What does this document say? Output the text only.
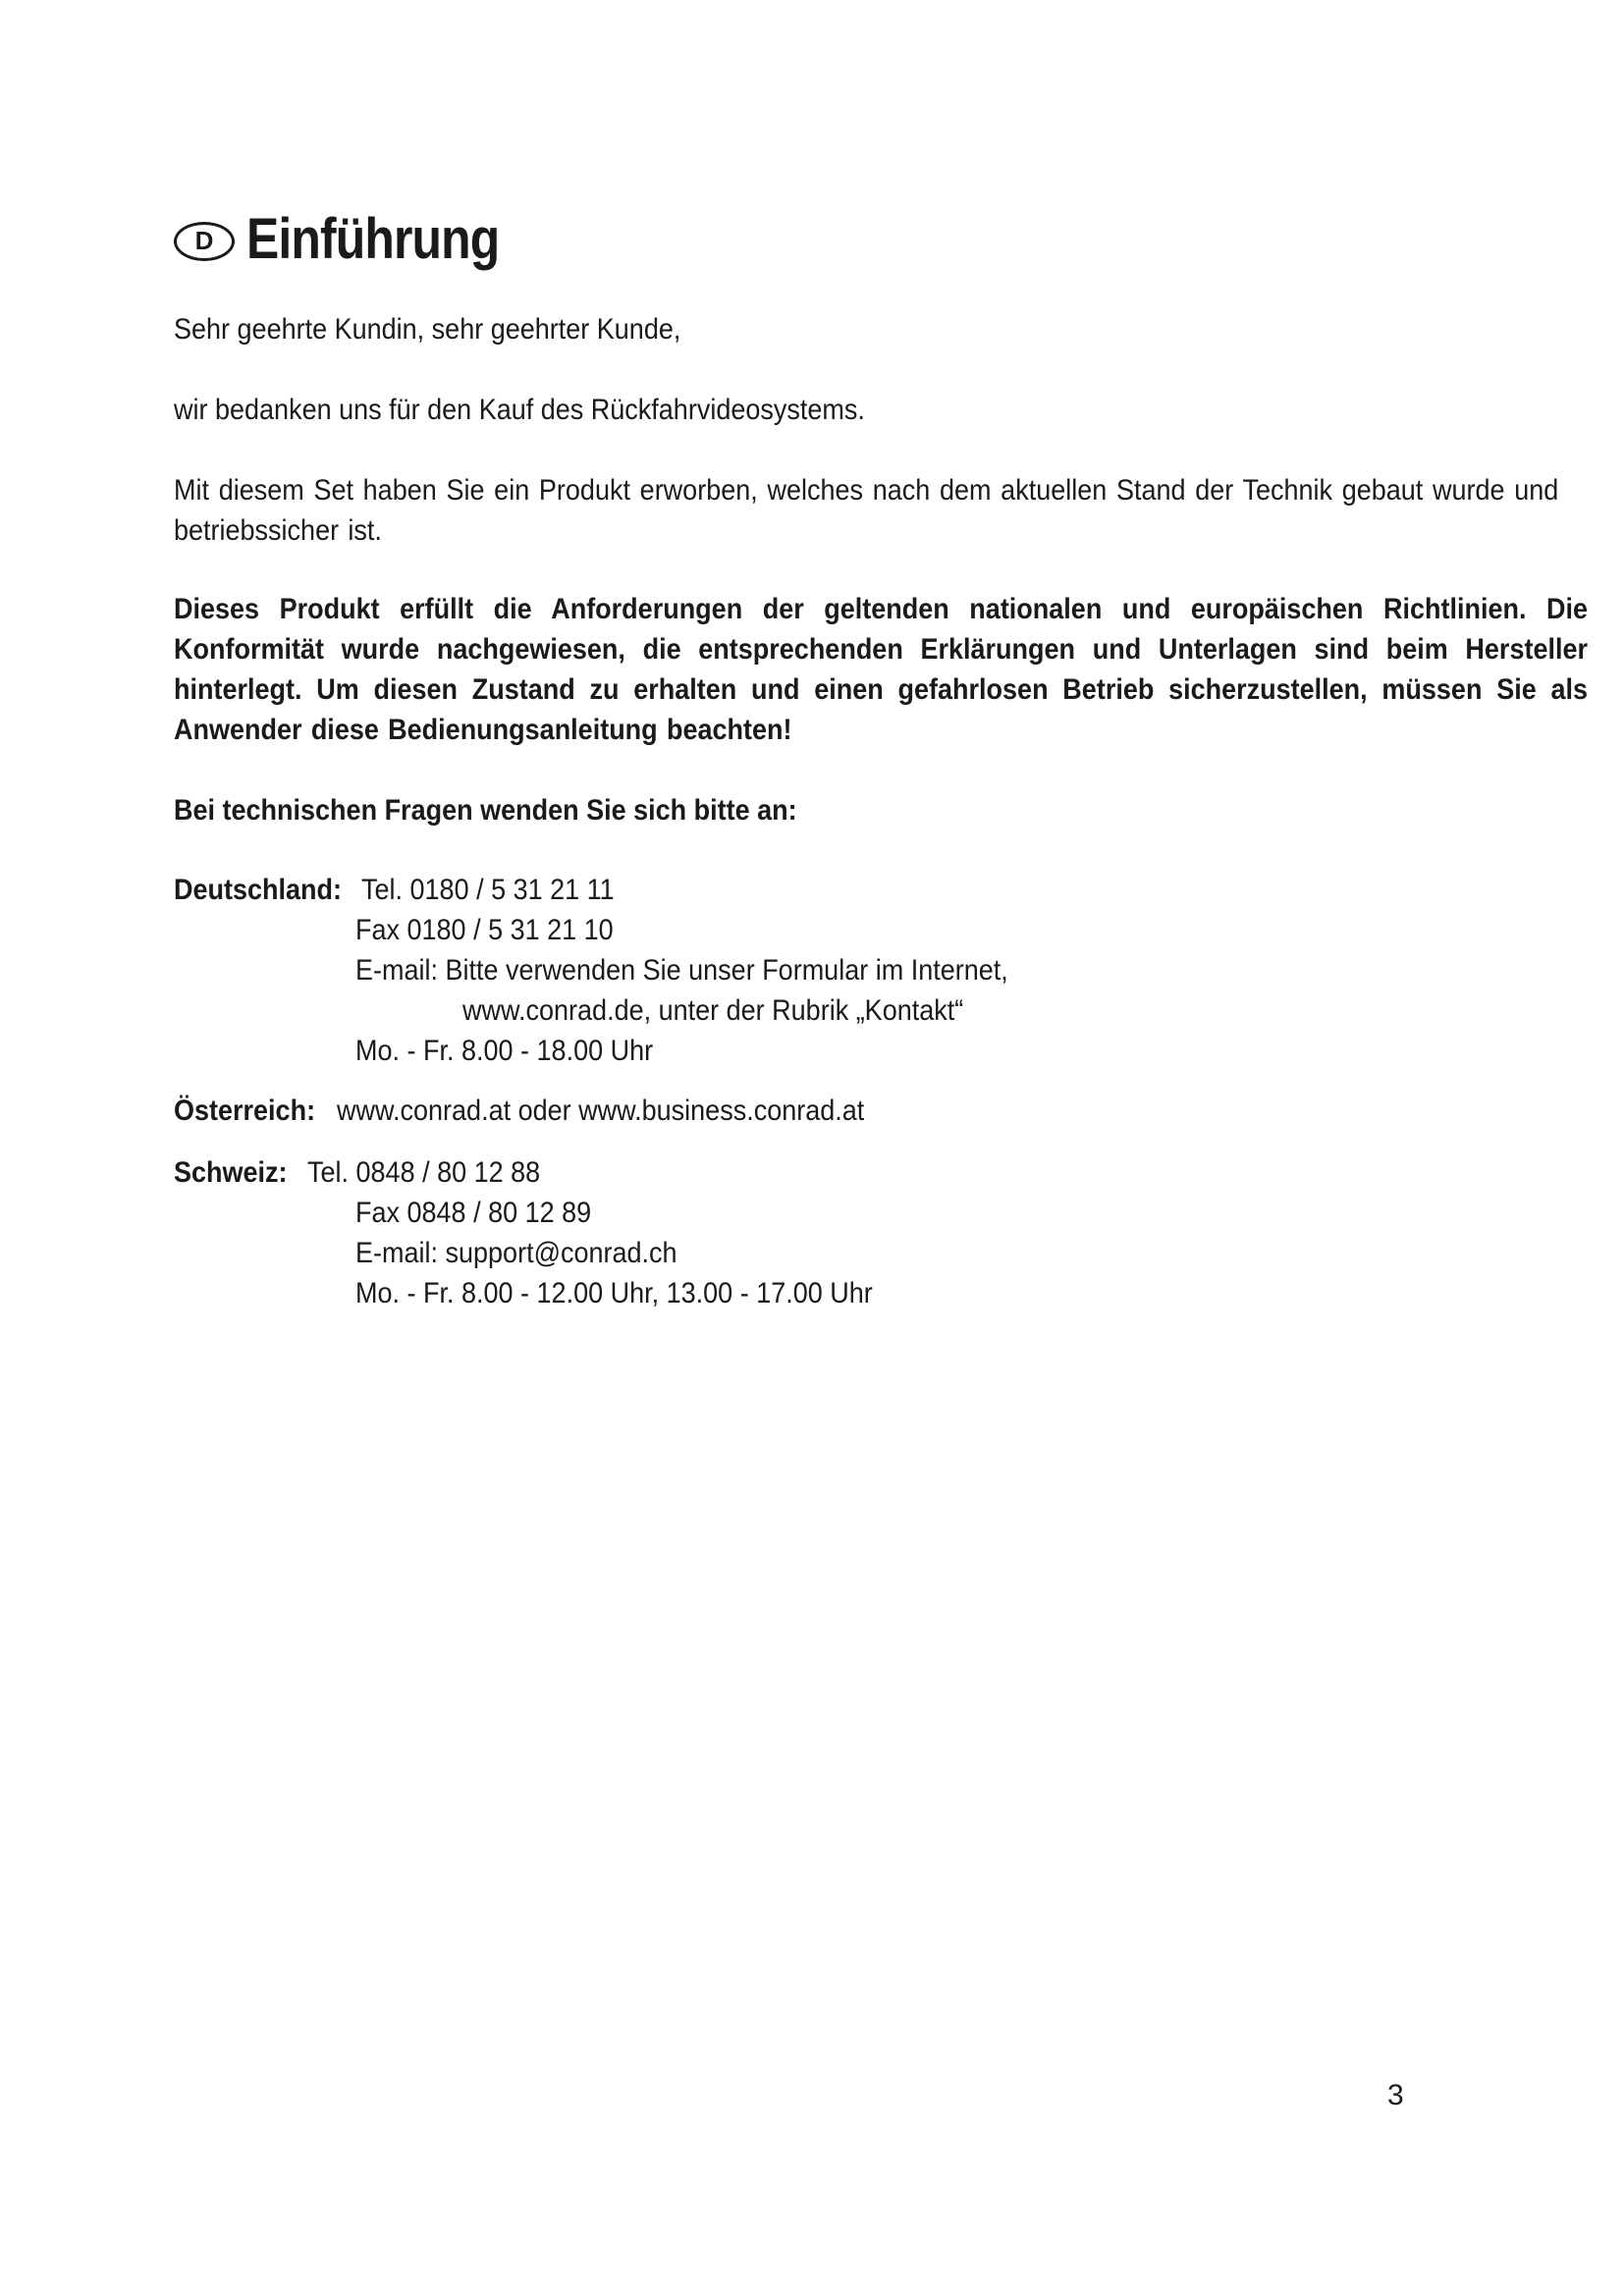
D Einführung
Sehr geehrte Kundin, sehr geehrter Kunde,
wir bedanken uns für den Kauf des Rückfahrvideosystems.
Mit diesem Set haben Sie ein Produkt erworben, welches nach dem aktuellen Stand der Technik gebaut wurde und betriebssicher ist.
Dieses Produkt erfüllt die Anforderungen der geltenden nationalen und europäischen Richtlinien. Die Konformität wurde nachgewiesen, die entsprechenden Erklärungen und Unterlagen sind beim Hersteller hinterlegt. Um diesen Zustand zu erhalten und einen gefahrlosen Betrieb sicherzustellen, müssen Sie als Anwender diese Bedienungsanleitung beachten!
Bei technischen Fragen wenden Sie sich bitte an:
Deutschland: Tel. 0180 / 5 31 21 11
Fax 0180 / 5 31 21 10
E-mail: Bitte verwenden Sie unser Formular im Internet,
www.conrad.de, unter der Rubrik „Kontakt“
Mo. - Fr. 8.00 - 18.00 Uhr
Österreich: www.conrad.at oder www.business.conrad.at
Schweiz: Tel. 0848 / 80 12 88
Fax 0848 / 80 12 89
E-mail: support@conrad.ch
Mo. - Fr. 8.00 - 12.00 Uhr, 13.00 - 17.00 Uhr
3
